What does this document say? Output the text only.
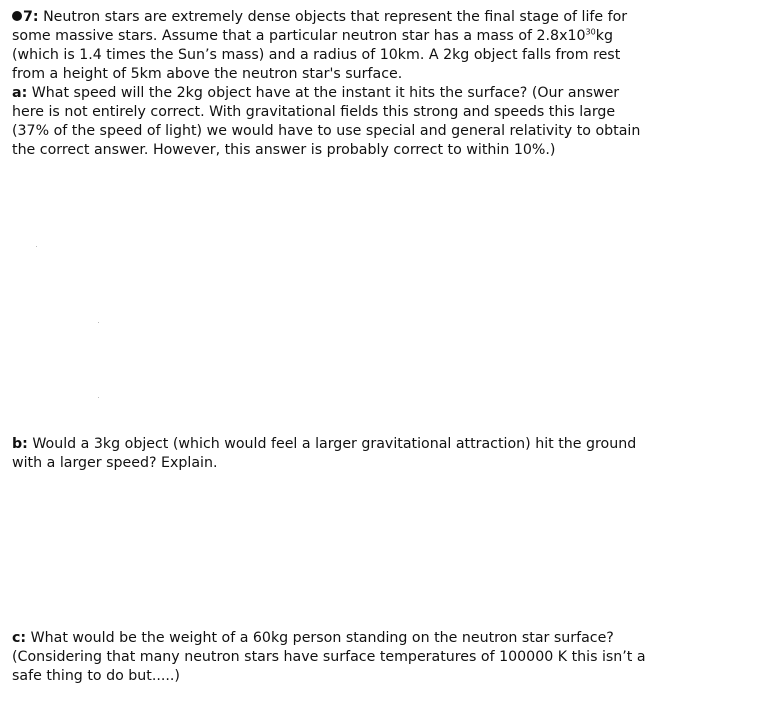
7: Neutron stars are extremely dense objects that represent the final stage of life for
some massive stars. Assume that a particular neutron star has a mass of $2.8x10^{30}kg$
(which is 1.4 times the Sun’s mass) and a radius of 10km. A 2kg object falls from rest
from a height of 5km above the neutron star's surface.
a: What speed will the 2kg object have at the instant it hits the surface? (Our answer
here is not entirely correct. With gravitational fields this strong and speeds this large
(37% of the speed of light) we would have to use special and general relativity to obtain
the correct answer. However, this answer is probably correct to within 10%.)
b: Would a 3kg object (which would feel a larger gravitational attraction) hit the ground
with a larger speed? Explain.
c: What would be the weight of a 60kg person standing on the neutron star surface?
(Considering that many neutron stars have surface temperatures of 100000 K this isn’t a
safe thing to do but.....)
